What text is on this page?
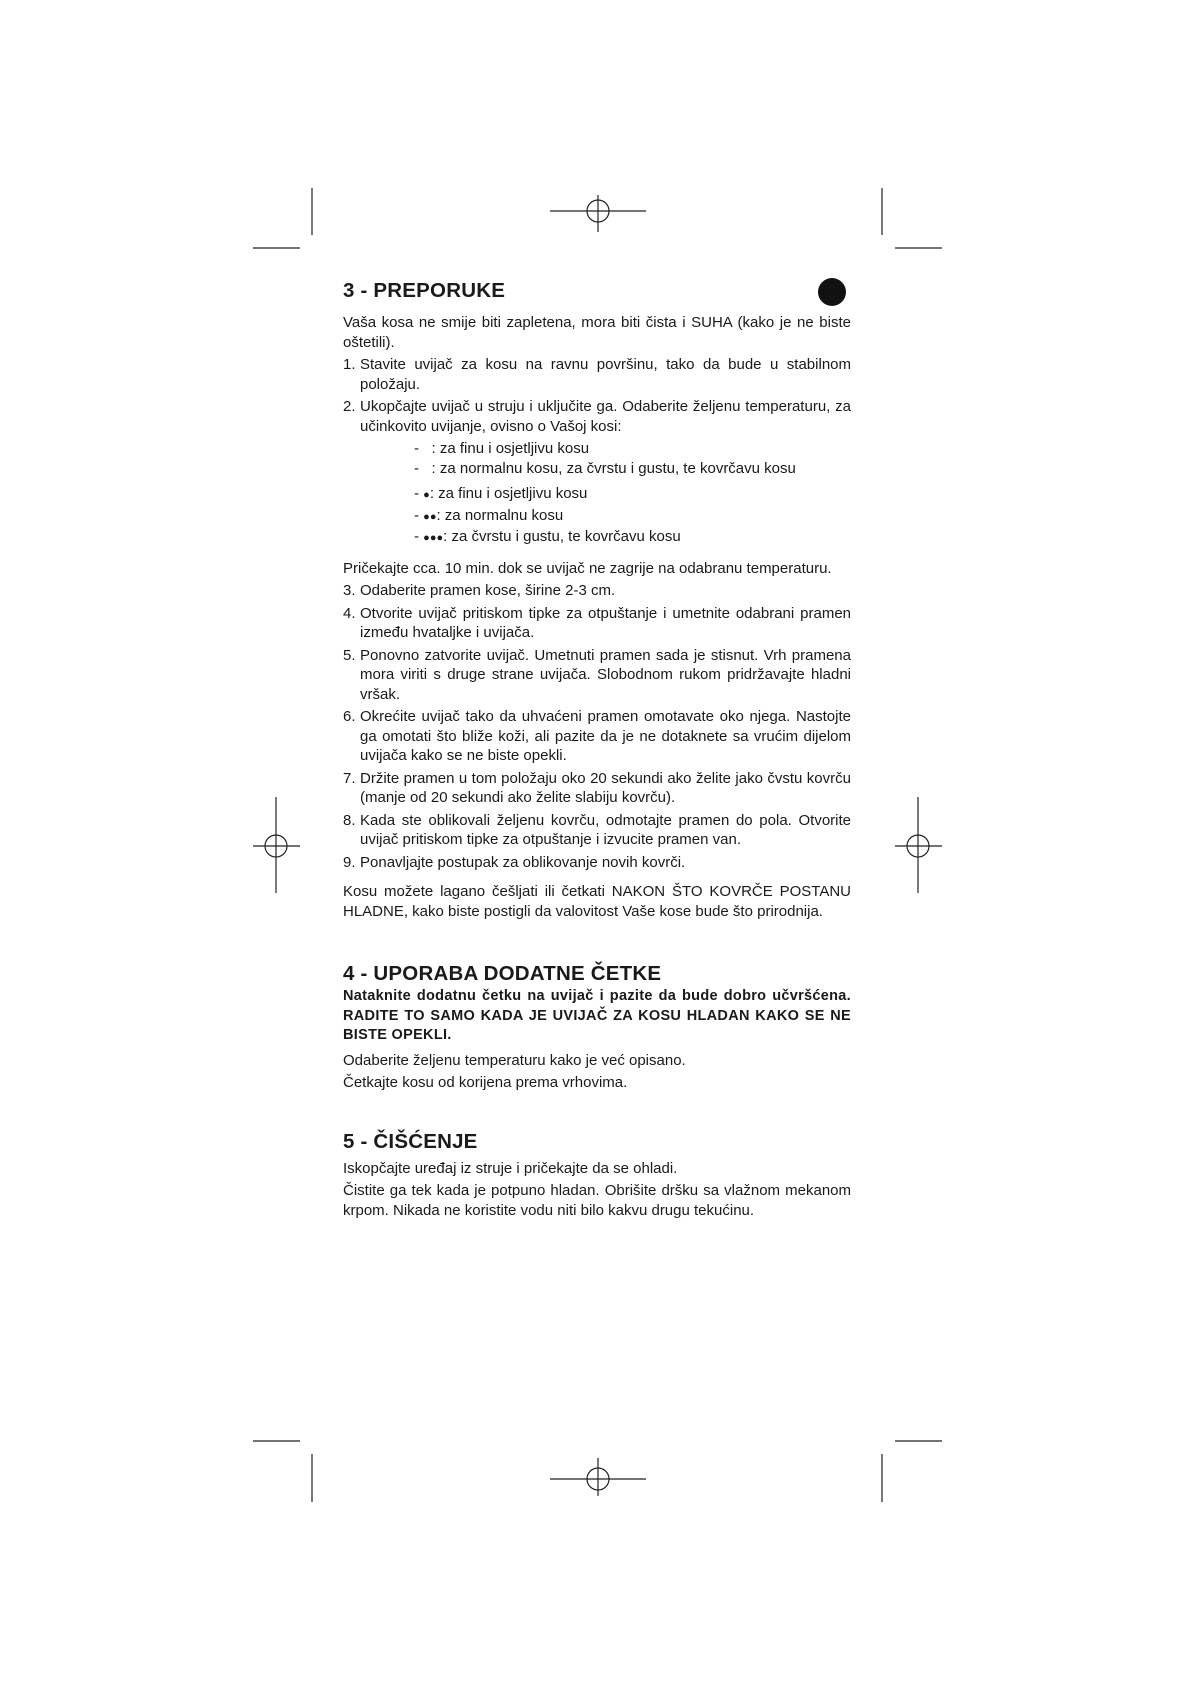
3 - PREPORUKE

Vaša kosa ne smije biti zapletena, mora biti čista i SUHA (kako je ne biste oštetili).

1. Stavite uvijač za kosu na ravnu površinu, tako da bude u stabilnom položaju.
2. Ukopčajte uvijač u struju i uključite ga. Odaberite željenu temperaturu, za učinkovito uvijanje, ovisno o Vašoj kosi:
- : za finu i osjetljivu kosu
- : za normalnu kosu, za čvrstu i gustu, te kovrčavu kosu
- ●: za finu i osjetljivu kosu
- ●●: za normalnu kosu
- ●●●: za čvrstu i gustu, te kovrčavu kosu

Pričekajte cca. 10 min. dok se uvijač ne zagrije na odabranu temperaturu.

3. Odaberite pramen kose, širine 2-3 cm.
4. Otvorite uvijač pritiskom tipke za otpuštanje i umetnite odabrani pramen između hvataljke i uvijača.
5. Ponovno zatvorite uvijač. Umetnuti pramen sada je stisnut. Vrh pramena mora viriti s druge strane uvijača. Slobodnom rukom pridržavajte hladni vršak.
6. Okrećite uvijač tako da uhvaćeni pramen omotavate oko njega. Nastojte ga omotati što bliže koži, ali pazite da je ne dotaknete sa vrućim dijelom uvijača kako se ne biste opekli.
7. Držite pramen u tom položaju oko 20 sekundi ako želite jako čvstu kovrču (manje od 20 sekundi ako želite slabiju kovrču).
8. Kada ste oblikovali željenu kovrču, odmotajte pramen do pola. Otvorite uvijač pritiskom tipke za otpuštanje i izvucite pramen van.
9. Ponavljajte postupak za oblikovanje novih kovrči.

Kosu možete lagano češljati ili četkati NAKON ŠTO KOVRČE POSTANU HLADNE, kako biste postigli da valovitost Vaše kose bude što prirodnija.

4 - UPORABA DODATNE ČETKE

Nataknite dodatnu četku na uvijač i pazite da bude dobro učvršćena. RADITE TO SAMO KADA JE UVIJAČ ZA KOSU HLADAN KAKO SE NE BISTE OPEKLI.

Odaberite željenu temperaturu kako je već opisano.

Četkajte kosu od korijena prema vrhovima.

5 - ČIŠĆENJE

Iskopčajte uređaj iz struje i pričekajte da se ohladi.

Čistite ga tek kada je potpuno hladan. Obrišite dršku sa vlažnom mekanom krpom. Nikada ne koristite vodu niti bilo kakvu drugu tekućinu.
